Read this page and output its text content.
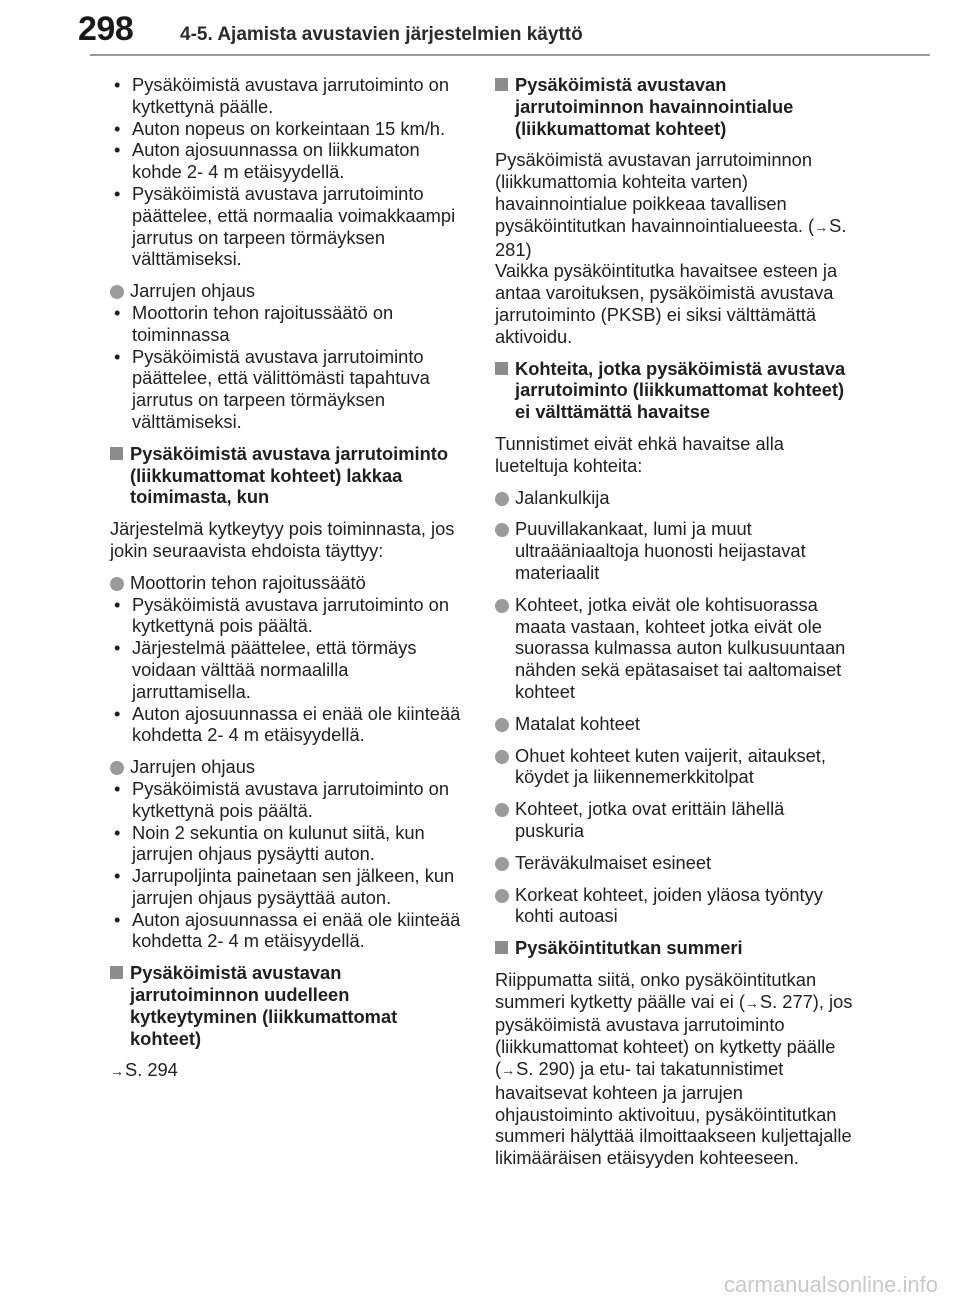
298 4-5. Ajamista avustavien järjestelmien käyttö

• Pysäköimistä avustava jarrutoiminto on kytkettynä päälle.

• Auton nopeus on korkeintaan 15 km/h.

• Auton ajosuunnassa on liikkumaton kohde 2- 4 m etäisyydellä.

• Pysäköimistä avustava jarrutoiminto päättelee, että normaalia voimakkaampi jarrutus on tarpeen törmäyksen välttämiseksi.

Jarrujen ohjaus

• Moottorin tehon rajoitussäätö on toiminnassa

• Pysäköimistä avustava jarrutoiminto päättelee, että välittömästi tapahtuva jarrutus on tarpeen törmäyksen välttämiseksi.

Pysäköimistä avustava jarrutoiminto (liikkumattomat kohteet) lakkaa toimimasta, kun

Järjestelmä kytkeytyy pois toiminnasta, jos jokin seuraavista ehdoista täyttyy:

Moottorin tehon rajoitussäätö

• Pysäköimistä avustava jarrutoiminto on kytkettynä pois päältä.

• Järjestelmä päättelee, että törmäys voidaan välttää normaalilla jarruttamisella.

• Auton ajosuunnassa ei enää ole kiinteää kohdetta 2- 4 m etäisyydellä.

Jarrujen ohjaus

• Pysäköimistä avustava jarrutoiminto on kytkettynä pois päältä.

• Noin 2 sekuntia on kulunut siitä, kun jarrujen ohjaus pysäytti auton.

• Jarrupoljinta painetaan sen jälkeen, kun jarrujen ohjaus pysäyttää auton.

• Auton ajosuunnassa ei enää ole kiinteää kohdetta 2- 4 m etäisyydellä.

Pysäköimistä avustavan jarrutoiminnon uudelleen kytkeytyminen (liikkumattomat kohteet)

→S. 294

Pysäköimistä avustavan jarrutoiminnon havainnointialue (liikkumattomat kohteet)

Pysäköimistä avustavan jarrutoiminnon (liikkumattomia kohteita varten) havainnointialue poikkeaa tavallisen pysäköintitutkan havainnointialueesta. (→S. 281)

Vaikka pysäköintitutka havaitsee esteen ja antaa varoituksen, pysäköimistä avustava jarrutoiminto (PKSB) ei siksi välttämättä aktivoidu.

Kohteita, jotka pysäköimistä avustava jarrutoiminto (liikkumattomat kohteet) ei välttämättä havaitse

Tunnistimet eivät ehkä havaitse alla lueteltuja kohteita:

Jalankulkija

Puuvillakankaat, lumi ja muut ultraääniaaltoja huonosti heijastavat materiaalit

Kohteet, jotka eivät ole kohtisuorassa maata vastaan, kohteet jotka eivät ole suorassa kulmassa auton kulkusuuntaan nähden sekä epätasaiset tai aaltomaiset kohteet

Matalat kohteet

Ohuet kohteet kuten vaijerit, aitaukset, köydet ja liikennemerkkitolpat

Kohteet, jotka ovat erittäin lähellä puskuria

Teräväkulmaiset esineet

Korkeat kohteet, joiden yläosa työntyy kohti autoasi

Pysäköintitutkan summeri

Riippumatta siitä, onko pysäköintitutkan summeri kytketty päälle vai ei (→S. 277), jos pysäköimistä avustava jarrutoiminto (liikkumattomat kohteet) on kytketty päälle (→S. 290) ja etu- tai takatunnistimet havaitsevat kohteen ja jarrujen ohjaustoiminto aktivoituu, pysäköintitutkan summeri hälyttää ilmoittaakseen kuljettajalle likimääräisen etäisyyden kohteeseen.

carmanualsonline.info
